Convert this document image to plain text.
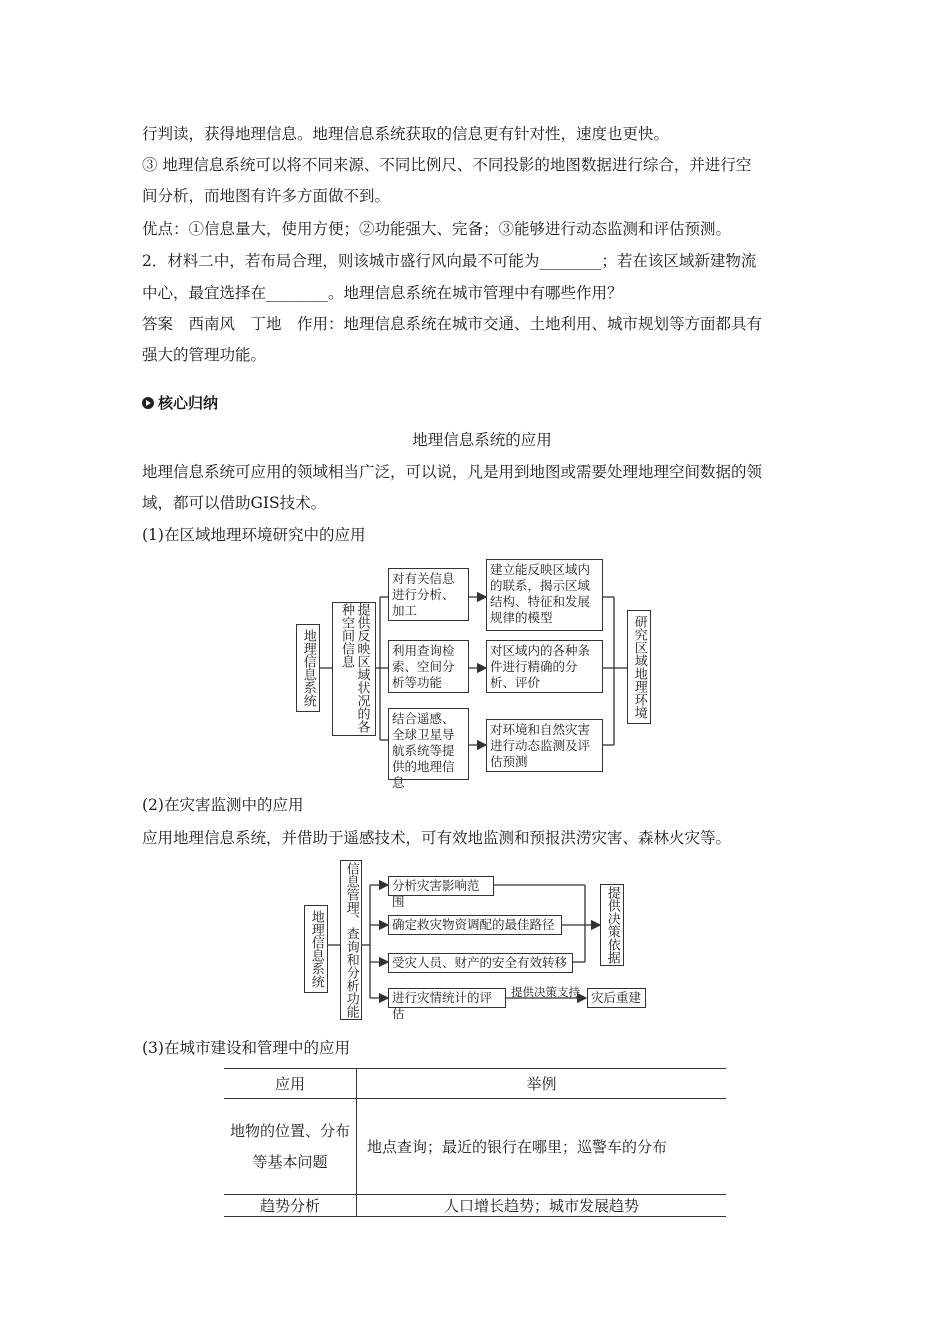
行判读，获得地理信息。地理信息系统获取的信息更有针对性，速度也更快。
③ 地理信息系统可以将不同来源、不同比例尺、不同投影的地图数据进行综合，并进行空
间分析，而地图有许多方面做不到。
优点：①信息量大，使用方便；②功能强大、完备；③能够进行动态监测和评估预测。
2．材料二中，若布局合理，则该城市盛行风向最不可能为________；若在该区域新建物流
中心，最宜选择在________。地理信息系统在城市管理中有哪些作用？
答案　西南风　丁地　作用：地理信息系统在城市交通、土地利用、城市规划等方面都具有
强大的管理功能。
核心归纳
地理信息系统的应用
地理信息系统可应用的领域相当广泛，可以说，凡是用到地图或需要处理地理空间数据的领
域，都可以借助GIS技术。
(1)在区域地理环境研究中的应用
地理信息系统	提供反映区域状况的各种空间信息
对有关信息进行分析、加工
利用查询检索、空间分析等功能
结合遥感、全球卫星导航系统等提供的地理信息
建立能反映区域内的联系，揭示区域结构、特征和发展规律的模型
对区域内的各种条件进行精确的分析、评价
对环境和自然灾害进行动态监测及评估预测
研究区域地理环境
(2)在灾害监测中的应用
应用地理信息系统，并借助于遥感技术，可有效地监测和预报洪涝灾害、森林火灾等。
地理信息系统	信息管理、查询和分析功能	分析灾害影响范围
确定救灾物资调配的最佳路径
受灾人员、财产的安全有效转移
进行灾情统计的评估
提供决策依据
提供决策支持 灾后重建
(3)在城市建设和管理中的应用
应用	举例
地物的位置、分布等基本问题	地点查询；最近的银行在哪里；巡警车的分布
趋势分析	人口增长趋势；城市发展趋势
